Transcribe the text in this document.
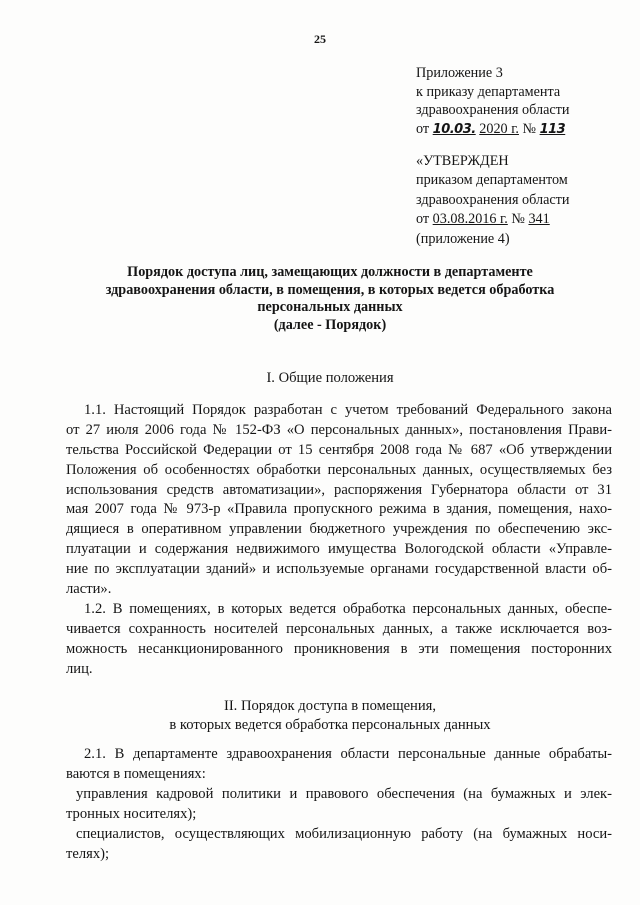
25
Приложение 3
к приказу департамента
здравоохранения области
от 10.03. 2020 г. № 113
«УТВЕРЖДЕН
приказом департаментом
здравоохранения области
от 03.08.2016 г. № 341
(приложение 4)
Порядок доступа лиц, замещающих должности в департаменте
здравоохранения области, в помещения, в которых ведется обработка
персональных данных
(далее - Порядок)
I. Общие положения
1.1. Настоящий Порядок разработан с учетом требований Федерального закона
от 27 июля 2006 года № 152-ФЗ «О персональных данных», постановления Прави-
тельства Российской Федерации от 15 сентября 2008 года № 687 «Об утверждении
Положения об особенностях обработки персональных данных, осуществляемых без
использования средств автоматизации», распоряжения Губернатора области от 31
мая 2007 года № 973-р «Правила пропускного режима в здания, помещения, нахо-
дящиеся в оперативном управлении бюджетного учреждения по обеспечению экс-
плуатации и содержания недвижимого имущества Вологодской области «Управле-
ние по эксплуатации зданий» и используемые органами государственной власти об-
ласти».
1.2. В помещениях, в которых ведется обработка персональных данных, обеспе-
чивается сохранность носителей персональных данных, а также исключается воз-
можность несанкционированного проникновения в эти помещения посторонних
лиц.
II. Порядок доступа в помещения,
в которых ведется обработка персональных данных
2.1. В департаменте здравоохранения области персональные данные обрабаты-
ваются в помещениях:
управления кадровой политики и правового обеспечения (на бумажных и элек-
тронных носителях);
специалистов, осуществляющих мобилизационную работу (на бумажных носи-
телях);
